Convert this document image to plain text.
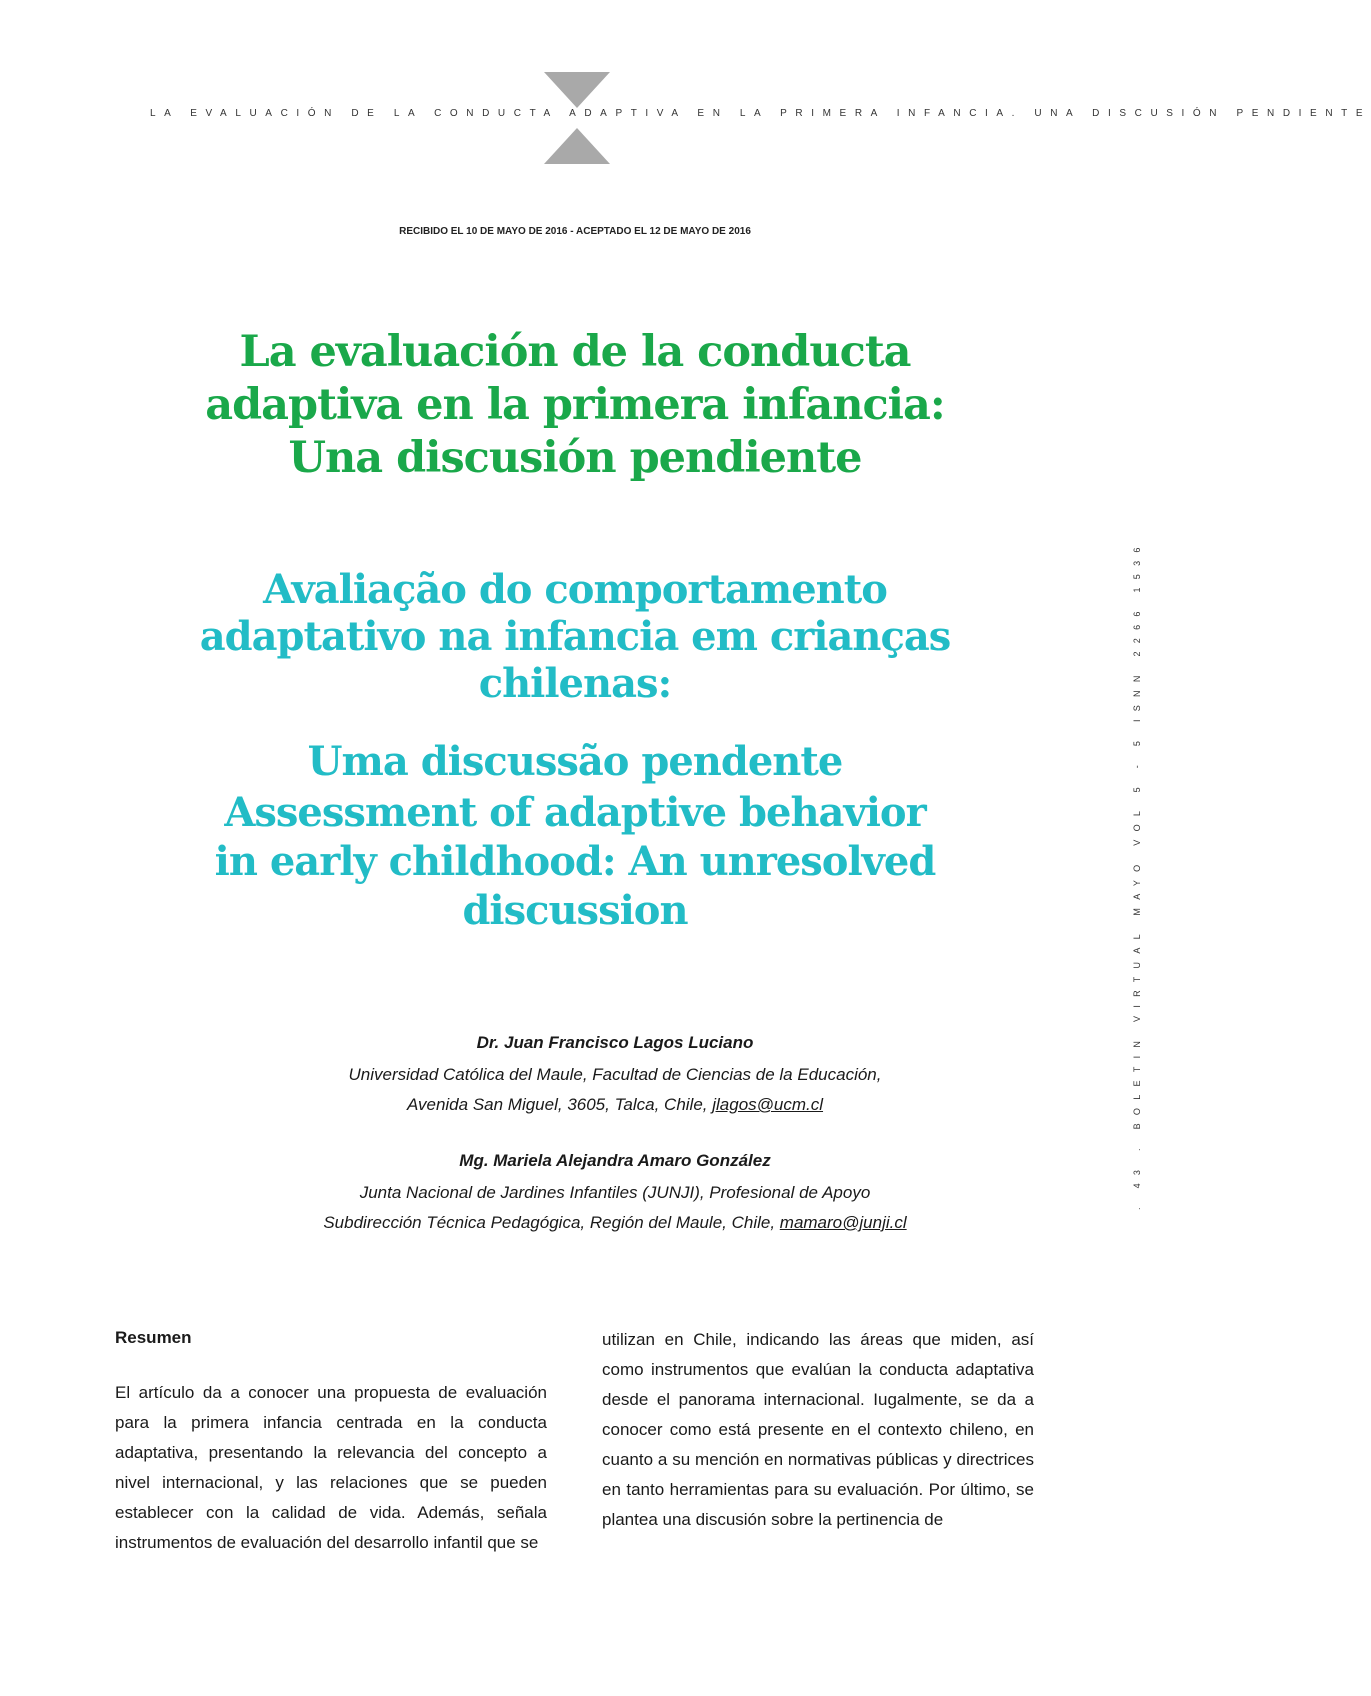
LA EVALUACIÓN DE LA CONDUCTA ADAPTIVA EN LA PRIMERA INFANCIA. UNA DISCUSIÓN PENDIENTE
RECIBIDO EL 10 DE MAYO DE 2016 - ACEPTADO EL 12 DE MAYO DE 2016
La evaluación de la conducta
adaptiva en la primera infancia:
Una discusión pendiente
Avaliação do comportamento
adaptativo na infancia em crianças
chilenas:
Uma discussão pendente
Assessment of adaptive behavior
in early childhood: An unresolved
discussion	. 43 . BOLETIN VIRTUAL MAYO VOL 5 - 5 ISNN 2266 1536
Dr. Juan Francisco Lagos Luciano
Universidad Católica del Maule, Facultad de Ciencias de la Educación,
Avenida San Miguel, 3605, Talca, Chile, jlagos@ucm.cl
Mg. Mariela Alejandra Amaro González
Junta Nacional de Jardines Infantiles (JUNJI), Profesional de Apoyo
Subdirección Técnica Pedagógica, Región del Maule, Chile, mamaro@junji.cl
Resumen
El artículo da a conocer una propuesta de evaluación para la primera infancia centrada en la conducta adaptativa, presentando la relevancia del concepto a nivel internacional, y las relaciones que se pueden establecer con la calidad de vida. Además, señala instrumentos de evaluación del desarrollo infantil que se
utilizan en Chile, indicando las áreas que miden, así como instrumentos que evalúan la conducta adaptativa desde el panorama internacional. Iugalmente, se da a conocer como está presente en el contexto chileno, en cuanto a su mención en normativas públicas y directrices en tanto herramientas para su evaluación. Por último, se plantea una discusión sobre la pertinencia de
